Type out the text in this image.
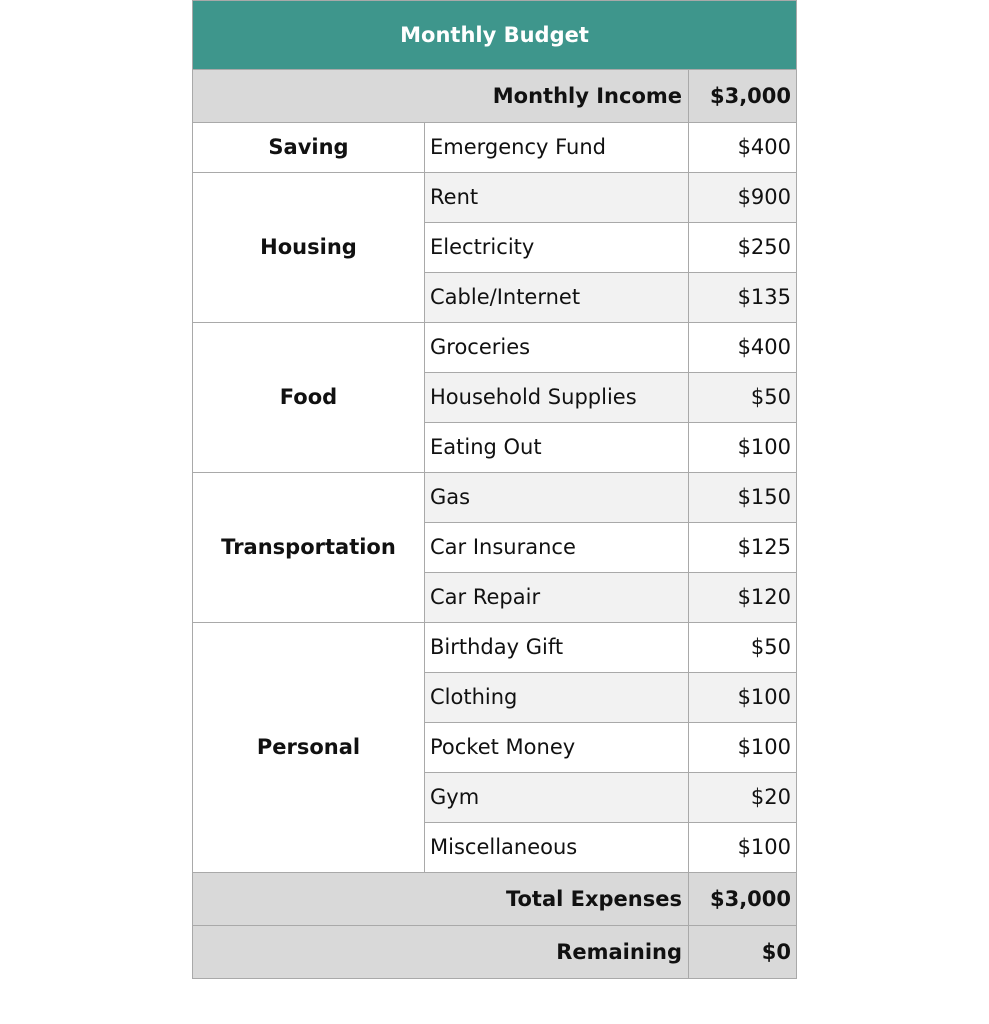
Monthly Budget		
Monthly Income		$3,000
Saving	Emergency Fund	$400
Housing	Rent	$900
	Electricity	$250
	Cable/Internet	$135
Food	Groceries	$400
	Household Supplies	$50
	Eating Out	$100
Transportation	Gas	$150
	Car Insurance	$125
	Car Repair	$120
Personal	Birthday Gift	$50
	Clothing	$100
	Pocket Money	$100
	Gym	$20
	Miscellaneous	$100
Total Expenses		$3,000
Remaining		$0
